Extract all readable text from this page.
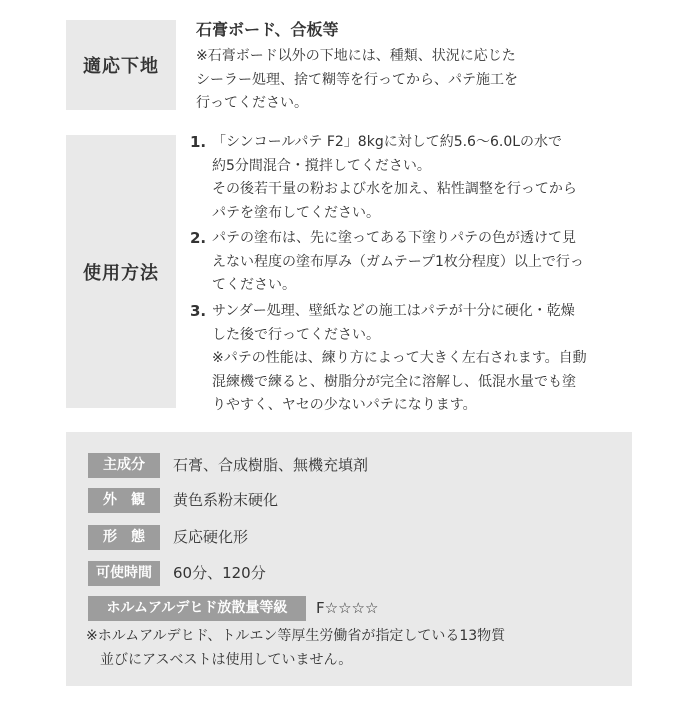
適応下地
石膏ボード、合板等
※石膏ボード以外の下地には、種類、状況に応じた
シーラー処理、捨て糊等を行ってから、パテ施工を
行ってください。
使用方法
1. 「シンコールパテ F2」8kgに対して約5.6～6.0Lの水で
約5分間混合・撹拌してください。
その後若干量の粉および水を加え、粘性調整を行ってから
パテを塗布してください。
2. パテの塗布は、先に塗ってある下塗りパテの色が透けて見
えない程度の塗布厚み（ガムテープ1枚分程度）以上で行っ
てください。
3. サンダー処理、壁紙などの施工はパテが十分に硬化・乾燥
した後で行ってください。
※パテの性能は、練り方によって大きく左右されます。自動
混練機で練ると、樹脂分が完全に溶解し、低混水量でも塗
りやすく、ヤセの少ないパテになります。
主成分	石膏、合成樹脂、無機充填剤
外　観	黄色系粉末硬化
形　態	反応硬化形
可使時間	60分、120分
ホルムアルデヒド放散量等級	F☆☆☆☆
※ホルムアルデヒド、トルエン等厚生労働省が指定している13物質
並びにアスベストは使用していません。
